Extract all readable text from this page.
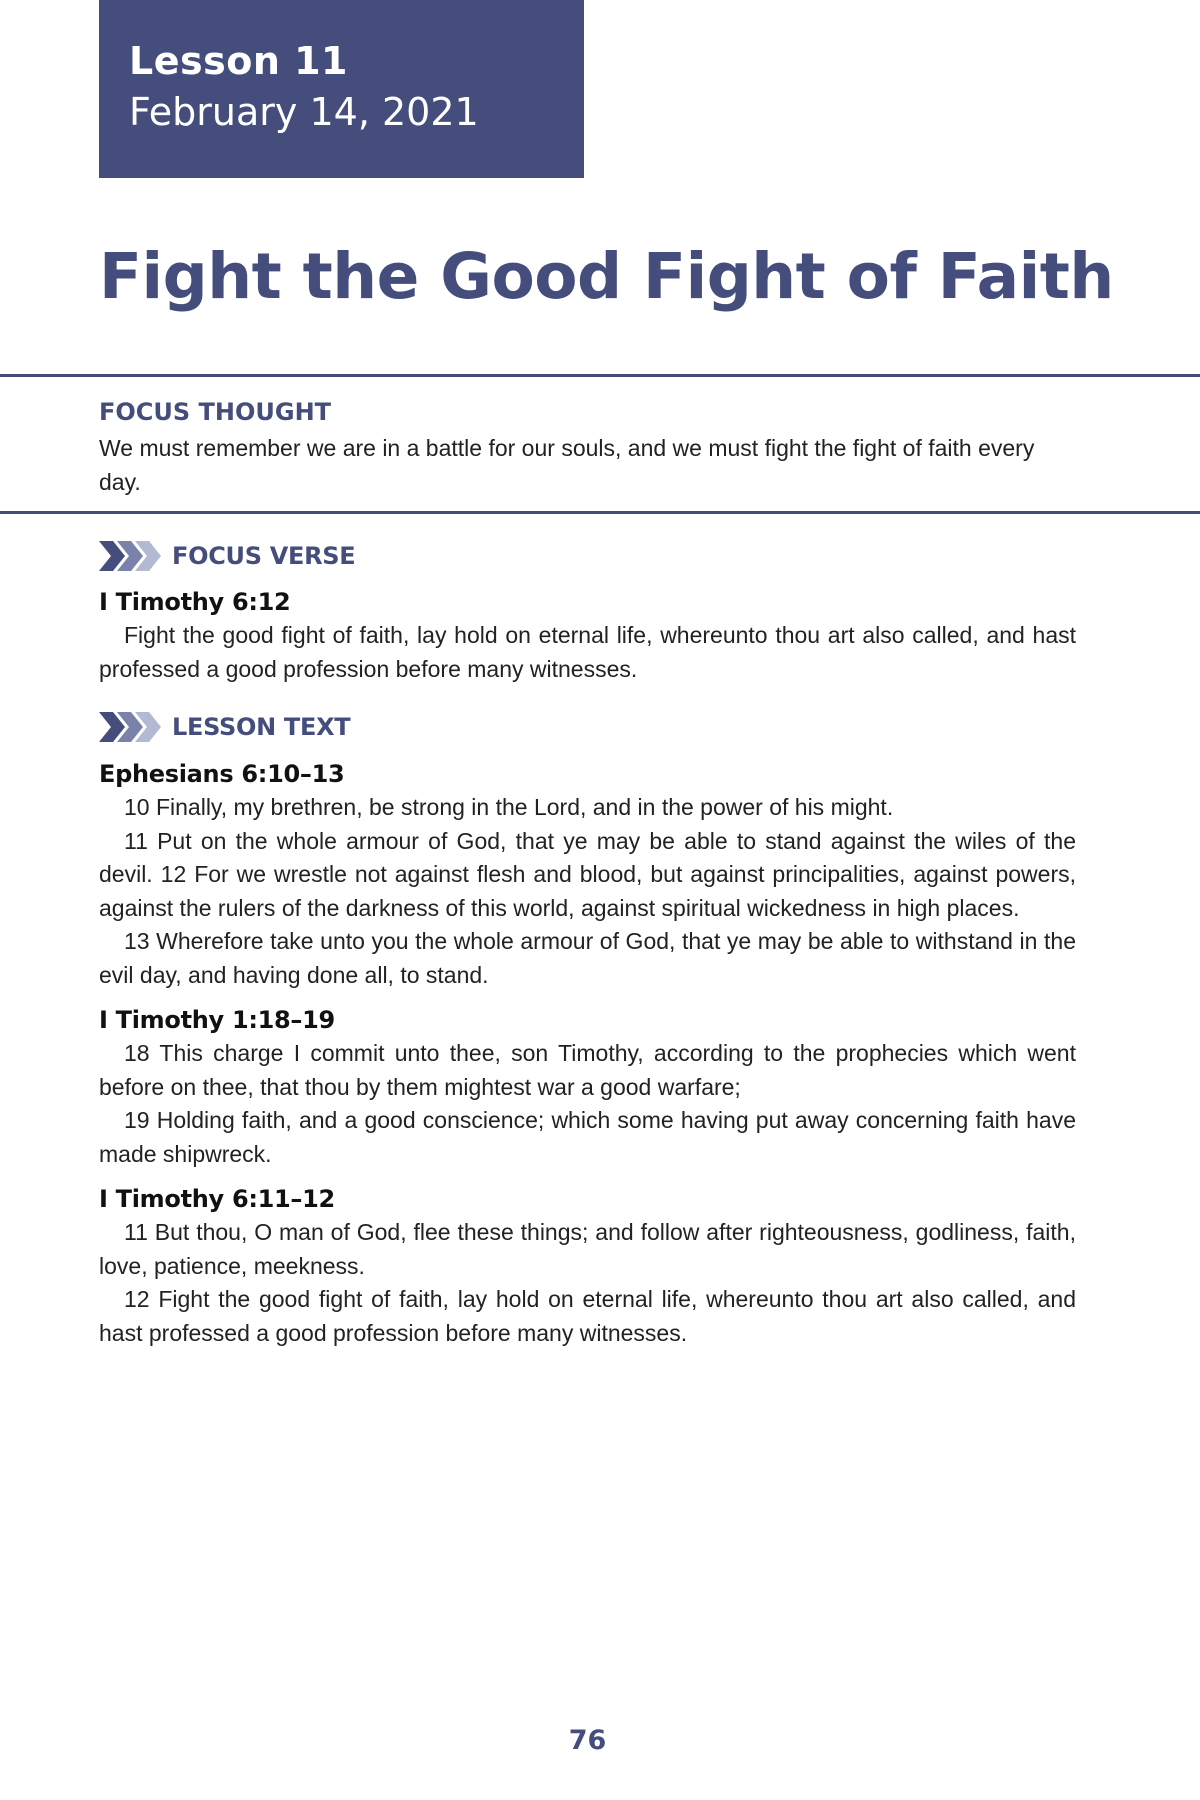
Lesson 11
February 14, 2021
Fight the Good Fight of Faith
FOCUS THOUGHT
We must remember we are in a battle for our souls, and we must fight the fight of faith every day.
FOCUS VERSE
I Timothy 6:12

Fight the good fight of faith, lay hold on eternal life, whereunto thou art also called, and hast professed a good profession before many witnesses.

LESSON TEXT
Ephesians 6:10–13

10 Finally, my brethren, be strong in the Lord, and in the power of his might.

11 Put on the whole armour of God, that ye may be able to stand against the wiles of the devil. 12 For we wrestle not against flesh and blood, but against principalities, against powers, against the rulers of the darkness of this world, against spiritual wickedness in high places.

13 Wherefore take unto you the whole armour of God, that ye may be able to withstand in the evil day, and having done all, to stand.

I Timothy 1:18–19

18 This charge I commit unto thee, son Timothy, according to the prophecies which went before on thee, that thou by them mightest war a good warfare;

19 Holding faith, and a good conscience; which some having put away concerning faith have made shipwreck.

I Timothy 6:11–12

11 But thou, O man of God, flee these things; and follow after righteousness, godliness, faith, love, patience, meekness.

12 Fight the good fight of faith, lay hold on eternal life, whereunto thou art also called, and hast professed a good profession before many witnesses.

76
